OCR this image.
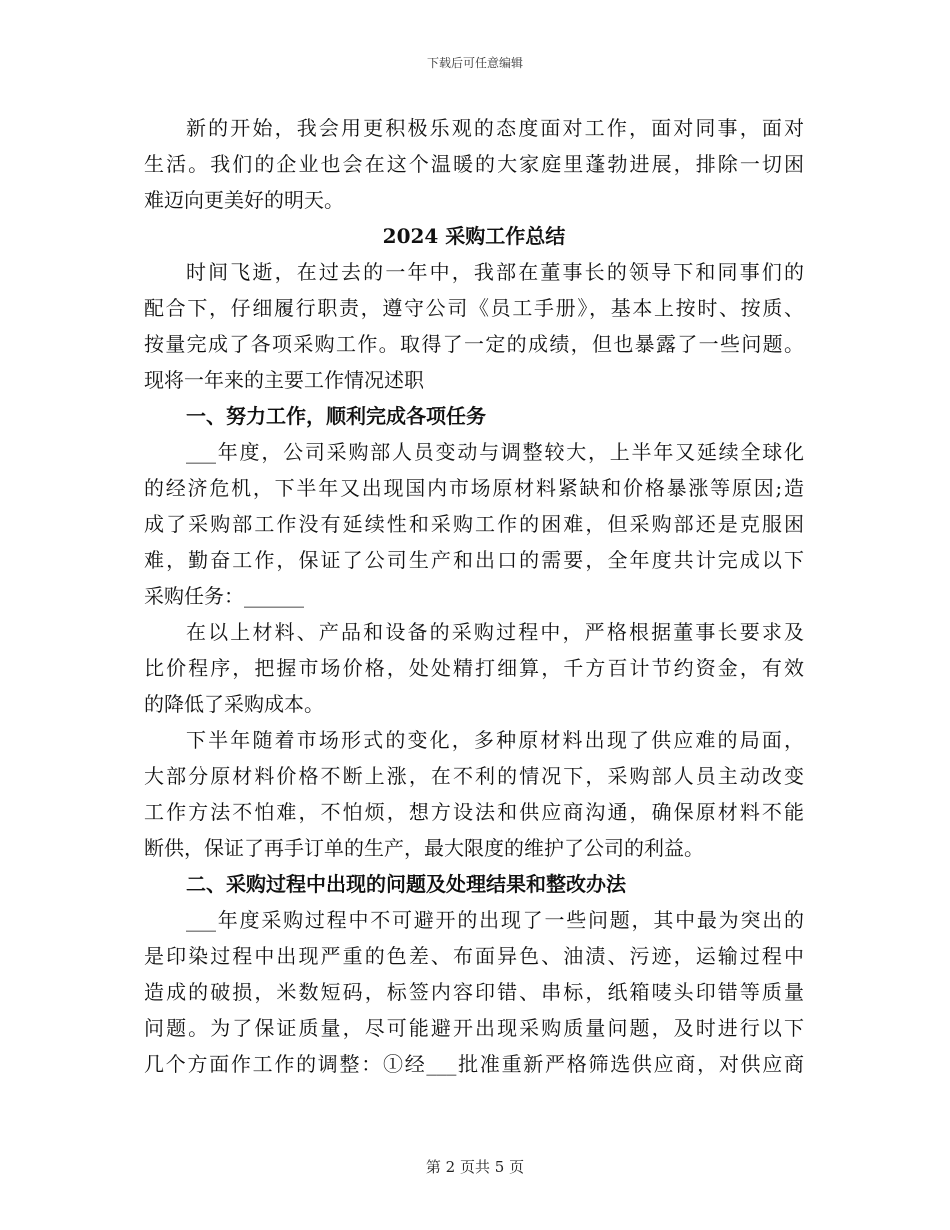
下载后可任意编辑
新的开始，我会用更积极乐观的态度面对工作，面对同事，面对
生活。我们的企业也会在这个温暖的大家庭里蓬勃进展，排除一切困
难迈向更美好的明天。
2024 采购工作总结
时间飞逝，在过去的一年中，我部在董事长的领导下和同事们的
配合下，仔细履行职责，遵守公司《员工手册》，基本上按时、按质、
按量完成了各项采购工作。取得了一定的成绩，但也暴露了一些问题。
现将一年来的主要工作情况述职
一、努力工作，顺利完成各项任务
___年度，公司采购部人员变动与调整较大，上半年又延续全球化
的经济危机，下半年又出现国内市场原材料紧缺和价格暴涨等原因;造
成了采购部工作没有延续性和采购工作的困难，但采购部还是克服困
难，勤奋工作，保证了公司生产和出口的需要，全年度共计完成以下
采购任务：______
在以上材料、产品和设备的采购过程中，严格根据董事长要求及
比价程序，把握市场价格，处处精打细算，千方百计节约资金，有效
的降低了采购成本。
下半年随着市场形式的变化，多种原材料出现了供应难的局面，
大部分原材料价格不断上涨，在不利的情况下，采购部人员主动改变
工作方法不怕难，不怕烦，想方设法和供应商沟通，确保原材料不能
断供，保证了再手订单的生产，最大限度的维护了公司的利益。
二、采购过程中出现的问题及处理结果和整改办法
___年度采购过程中不可避开的出现了一些问题，其中最为突出的
是印染过程中出现严重的色差、布面异色、油渍、污迹，运输过程中
造成的破损，米数短码，标签内容印错、串标，纸箱唛头印错等质量
问题。为了保证质量，尽可能避开出现采购质量问题，及时进行以下
几个方面作工作的调整：①经___批准重新严格筛选供应商，对供应商
第 2 页共 5 页
